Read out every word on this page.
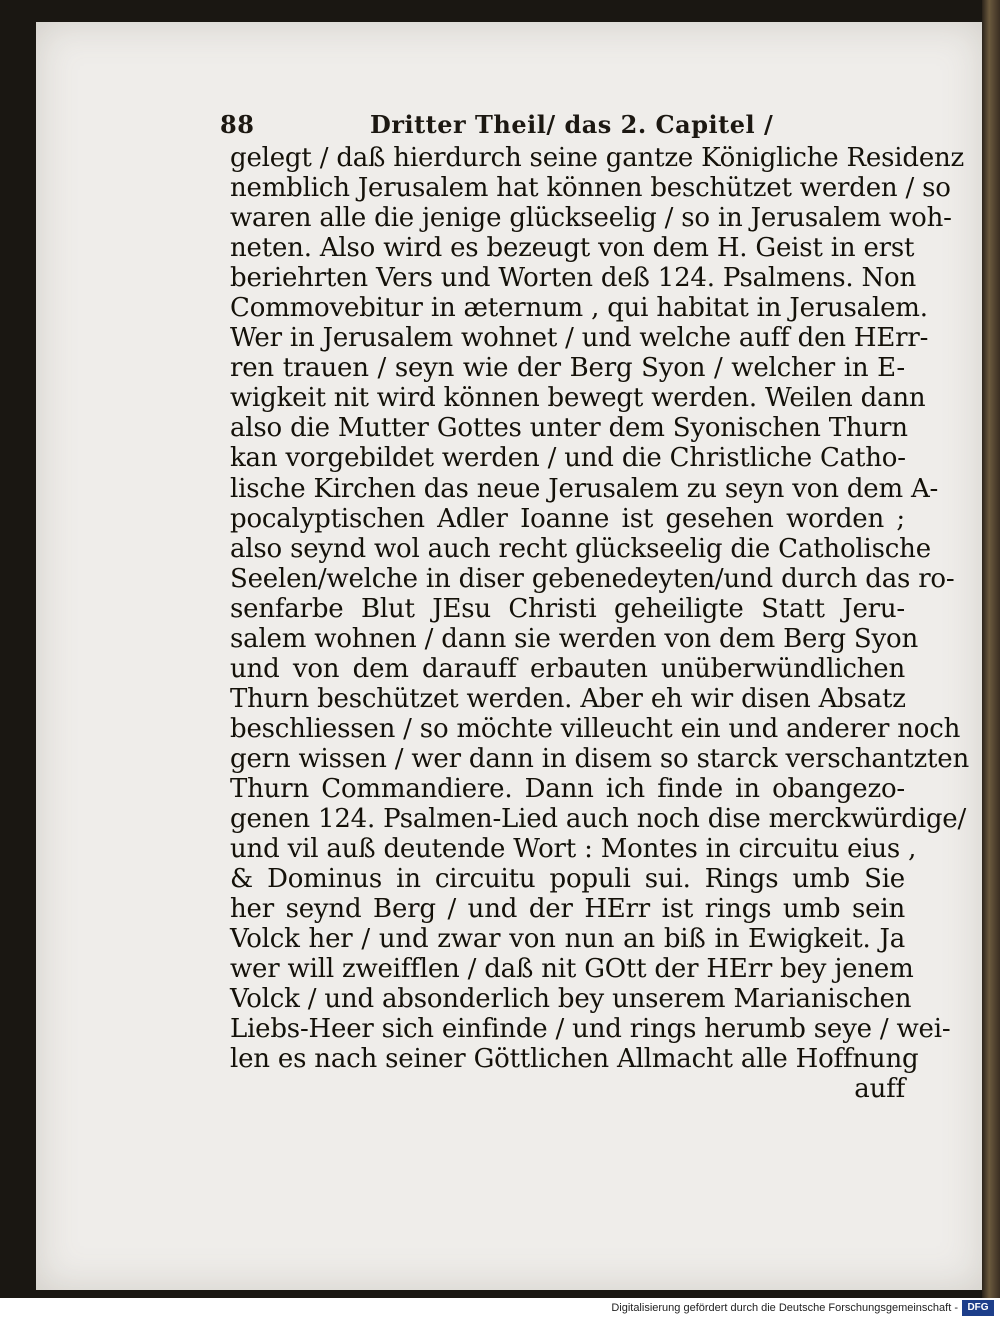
88	Dritter Theil/ das 2. Capitel /
gelegt / daß hierdurch seine gantze Königliche Residenz
nemblich Jerusalem hat können beschützet werden / so
waren alle die jenige glückseelig / so in Jerusalem woh-
neten. Also wird es bezeugt von dem H. Geist in erst
beriehrten Vers und Worten deß 124. Psalmens. Non
Commovebitur in æternum , qui habitat in Jerusalem.
Wer in Jerusalem wohnet / und welche auff den HErr-
ren trauen / seyn wie der Berg Syon / welcher in E-
wigkeit nit wird können bewegt werden. Weilen dann
also die Mutter Gottes unter dem Syonischen Thurn
kan vorgebildet werden / und die Christliche Catho-
lische Kirchen das neue Jerusalem zu seyn von dem A-
pocalyptischen Adler Ioanne ist gesehen worden ;
also seynd wol auch recht glückseelig die Catholische
Seelen/welche in diser gebenedeyten/und durch das ro-
senfarbe Blut JEsu Christi geheiligte Statt Jeru-
salem wohnen / dann sie werden von dem Berg Syon
und von dem darauff erbauten unüberwündlichen
Thurn beschützet werden. Aber eh wir disen Absatz
beschliessen / so möchte villeucht ein und anderer noch
gern wissen / wer dann in disem so starck verschantzten
Thurn Commandiere. Dann ich finde in obangezo-
genen 124. Psalmen-Lied auch noch dise merckwürdige/
und vil auß deutende Wort : Montes in circuitu eius ,
& Dominus in circuitu populi sui. Rings umb Sie
her seynd Berg / und der HErr ist rings umb sein
Volck her / und zwar von nun an biß in Ewigkeit. Ja
wer will zweifflen / daß nit GOtt der HErr bey jenem
Volck / und absonderlich bey unserem Marianischen
Liebs-Heer sich einfinde / und rings herumb seye / wei-
len es nach seiner Göttlichen Allmacht alle Hoffnung
auff
Digitalisierung gefördert durch die Deutsche Forschungsgemeinschaft - DFG
